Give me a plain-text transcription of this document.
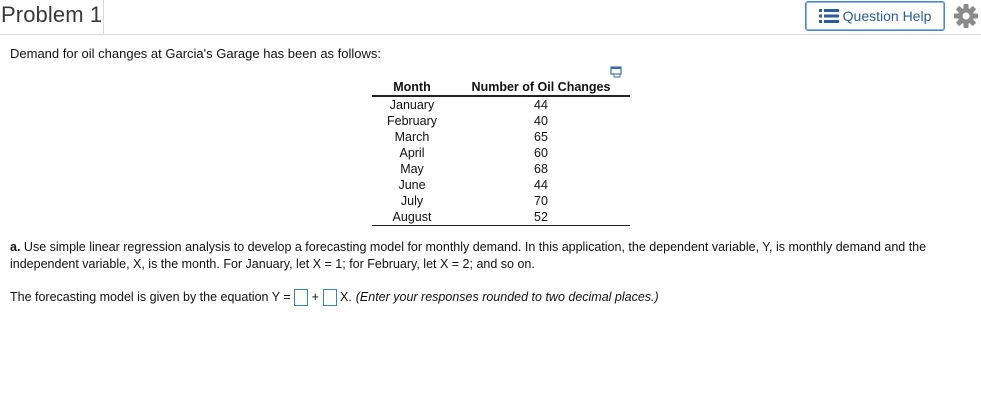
Problem 1	Question Help
Demand for oil changes at Garcia's Garage has been as follows:
Month	Number of Oil Changes
January	44
February	40
March	65
April	60
May	68
June	44
July	70
August	52
a. Use simple linear regression analysis to develop a forecasting model for monthly demand. In this application, the dependent variable, Y, is monthly demand and the independent variable, X, is the month. For January, let X = 1; for February, let X = 2; and so on.
The forecasting model is given by the equation Y = + X. (Enter your responses rounded to two decimal places.)
